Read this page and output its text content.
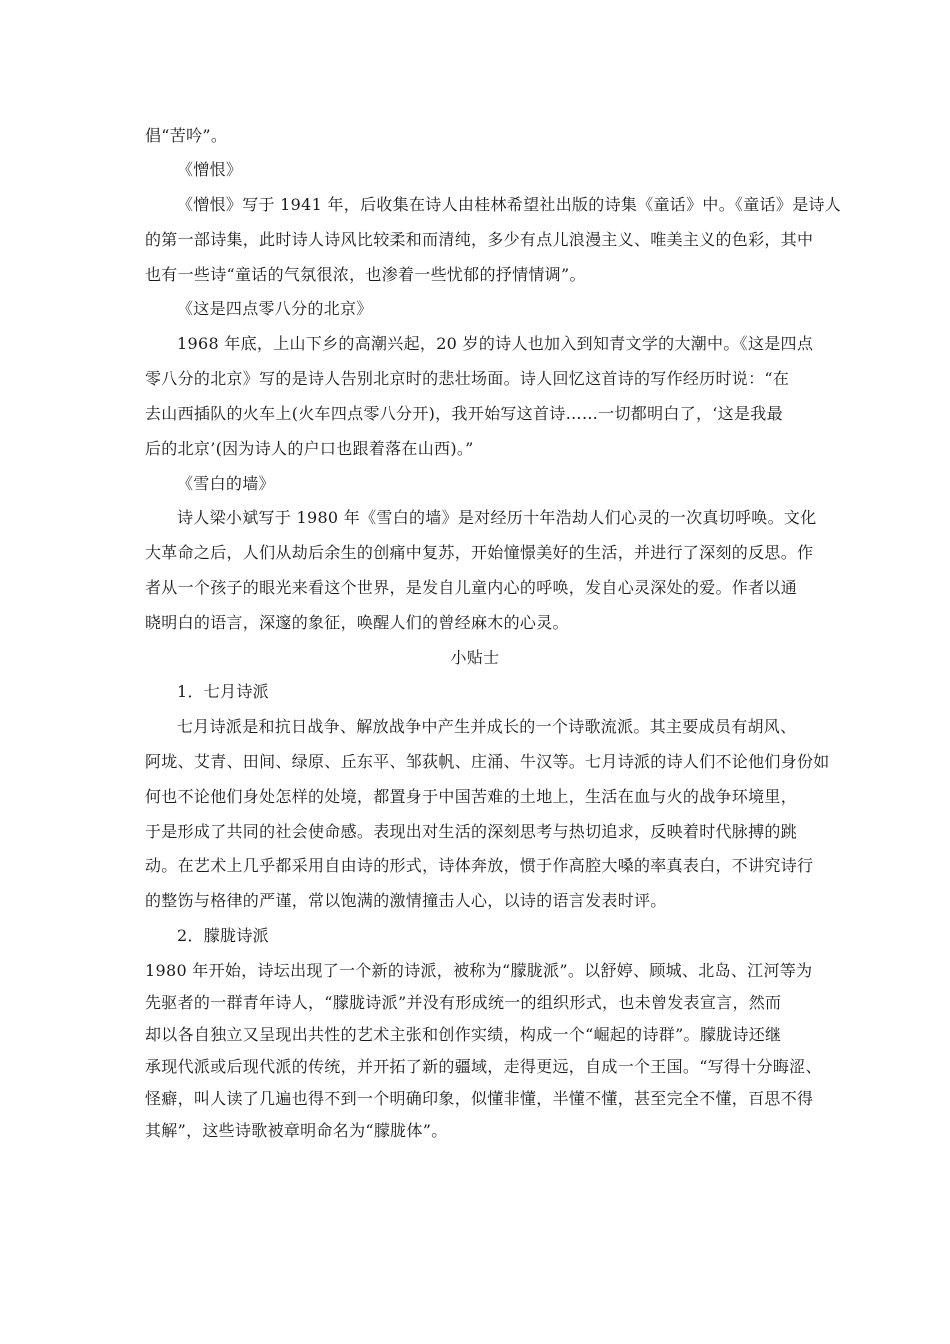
倡“苦吟”。
《憎恨》
《憎恨》写于 1941 年，后收集在诗人由桂林希望社出版的诗集《童话》中。《童话》是诗人
的第一部诗集，此时诗人诗风比较柔和而清纯，多少有点儿浪漫主义、唯美主义的色彩，其中
也有一些诗“童话的气氛很浓，也渗着一些忧郁的抒情情调”。
《这是四点零八分的北京》
1968 年底，上山下乡的高潮兴起，20 岁的诗人也加入到知青文学的大潮中。《这是四点
零八分的北京》写的是诗人告别北京时的悲壮场面。诗人回忆这首诗的写作经历时说：“在
去山西插队的火车上(火车四点零八分开)，我开始写这首诗……一切都明白了，‘这是我最
后的北京’(因为诗人的户口也跟着落在山西)。”
《雪白的墙》
诗人梁小斌写于 1980 年《雪白的墙》是对经历十年浩劫人们心灵的一次真切呼唤。文化
大革命之后，人们从劫后余生的创痛中复苏，开始憧憬美好的生活，并进行了深刻的反思。作
者从一个孩子的眼光来看这个世界，是发自儿童内心的呼唤，发自心灵深处的爱。作者以通
晓明白的语言，深邃的象征，唤醒人们的曾经麻木的心灵。
小贴士
1．七月诗派
七月诗派是和抗日战争、解放战争中产生并成长的一个诗歌流派。其主要成员有胡风、
阿垅、艾青、田间、绿原、丘东平、邹荻帆、庄涌、牛汉等。七月诗派的诗人们不论他们身份如
何也不论他们身处怎样的处境，都置身于中国苦难的土地上，生活在血与火的战争环境里，
于是形成了共同的社会使命感。表现出对生活的深刻思考与热切追求，反映着时代脉搏的跳
动。在艺术上几乎都采用自由诗的形式，诗体奔放，惯于作高腔大嗓的率真表白，不讲究诗行
的整饬与格律的严谨，常以饱满的激情撞击人心，以诗的语言发表时评。
2．朦胧诗派
1980 年开始，诗坛出现了一个新的诗派，被称为“朦胧派”。以舒婷、顾城、北岛、江河等为
先驱者的一群青年诗人，“朦胧诗派”并没有形成统一的组织形式，也未曾发表宣言，然而
却以各自独立又呈现出共性的艺术主张和创作实绩，构成一个“崛起的诗群”。朦胧诗还继
承现代派或后现代派的传统，并开拓了新的疆域，走得更远，自成一个王国。“写得十分晦涩、
怪癖，叫人读了几遍也得不到一个明确印象，似懂非懂，半懂不懂，甚至完全不懂，百思不得
其解”，这些诗歌被章明命名为“朦胧体”。
